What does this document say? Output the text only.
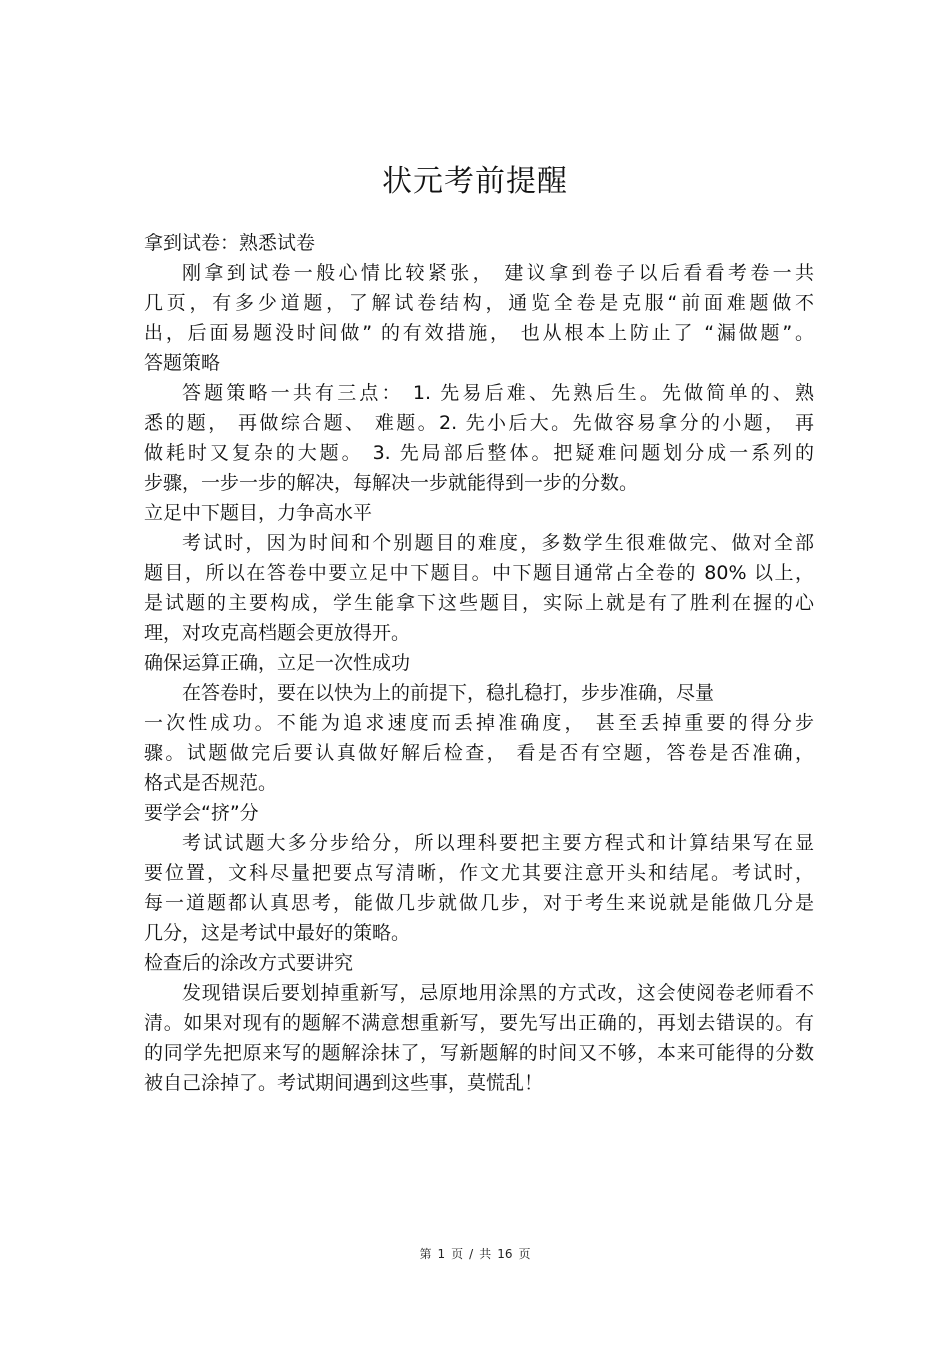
状元考前提醒
拿到试卷：熟悉试卷
刚拿到试卷一般心情比较紧张， 建议拿到卷子以后看看考卷一共
几页，有多少道题，了解试卷结构，通览全卷是克服“前面难题做不
出，后面易题没时间做” 的有效措施， 也从根本上防止了 “漏做题”。
答题策略
答题策略一共有三点： 1. 先易后难、先熟后生。先做简单的、熟
悉的题， 再做综合题、 难题。2. 先小后大。先做容易拿分的小题， 再
做耗时又复杂的大题。 3. 先局部后整体。把疑难问题划分成一系列的
步骤，一步一步的解决，每解决一步就能得到一步的分数。
立足中下题目，力争高水平
考试时，因为时间和个别题目的难度，多数学生很难做完、做对全部
题目，所以在答卷中要立足中下题目。中下题目通常占全卷的 80% 以上，
是试题的主要构成，学生能拿下这些题目，实际上就是有了胜利在握的心
理，对攻克高档题会更放得开。
确保运算正确，立足一次性成功
在答卷时，要在以快为上的前提下，稳扎稳打，步步准确，尽量
一次性成功。不能为追求速度而丢掉准确度， 甚至丢掉重要的得分步
骤。试题做完后要认真做好解后检查， 看是否有空题，答卷是否准确，
格式是否规范。
要学会“挤”分
考试试题大多分步给分，所以理科要把主要方程式和计算结果写在显
要位置，文科尽量把要点写清晰，作文尤其要注意开头和结尾。考试时，
每一道题都认真思考，能做几步就做几步，对于考生来说就是能做几分是
几分，这是考试中最好的策略。
检查后的涂改方式要讲究
发现错误后要划掉重新写，忌原地用涂黑的方式改，这会使阅卷老师看不
清。如果对现有的题解不满意想重新写，要先写出正确的，再划去错误的。有
的同学先把原来写的题解涂抹了，写新题解的时间又不够，本来可能得的分数
被自己涂掉了。考试期间遇到这些事，莫慌乱！
第 1 页 / 共 16 页
